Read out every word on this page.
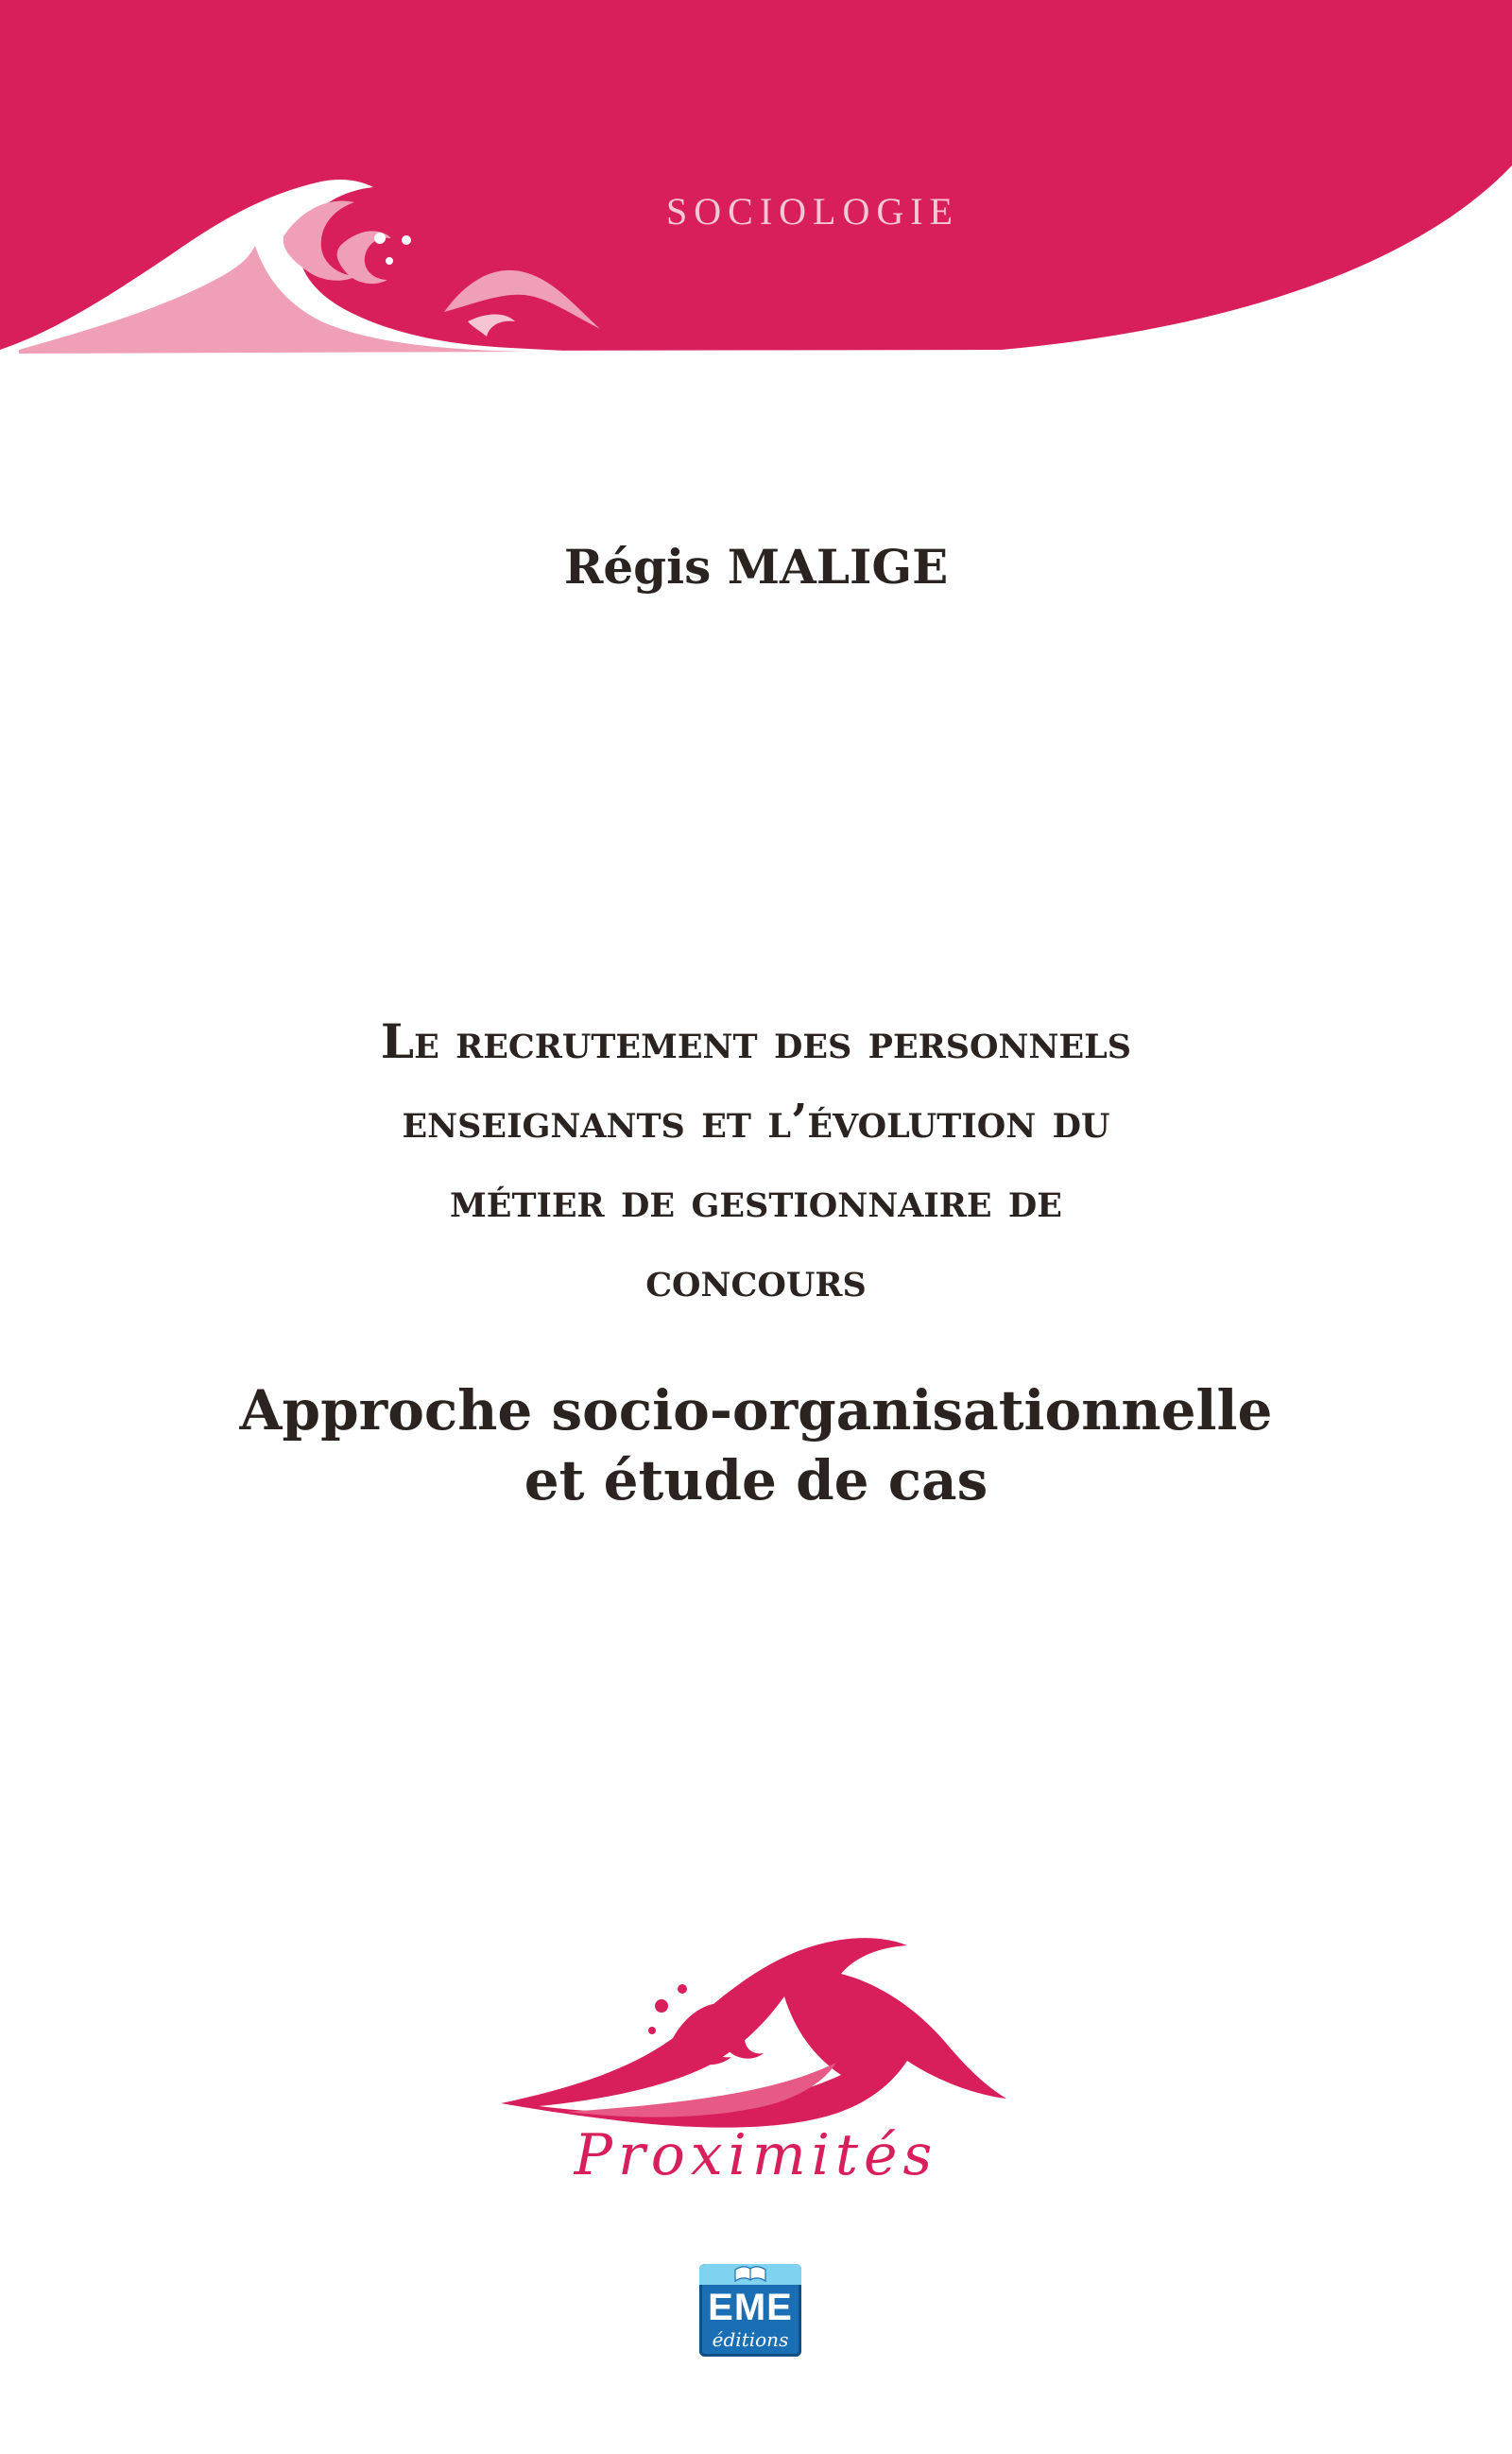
SOCIOLOGIE
Régis MALIGE
Le recrutement des personnels
enseignants et l’évolution du
métier de gestionnaire de
concours
Approche socio-organisationnelle
et étude de cas
Proximités
EME
éditions
